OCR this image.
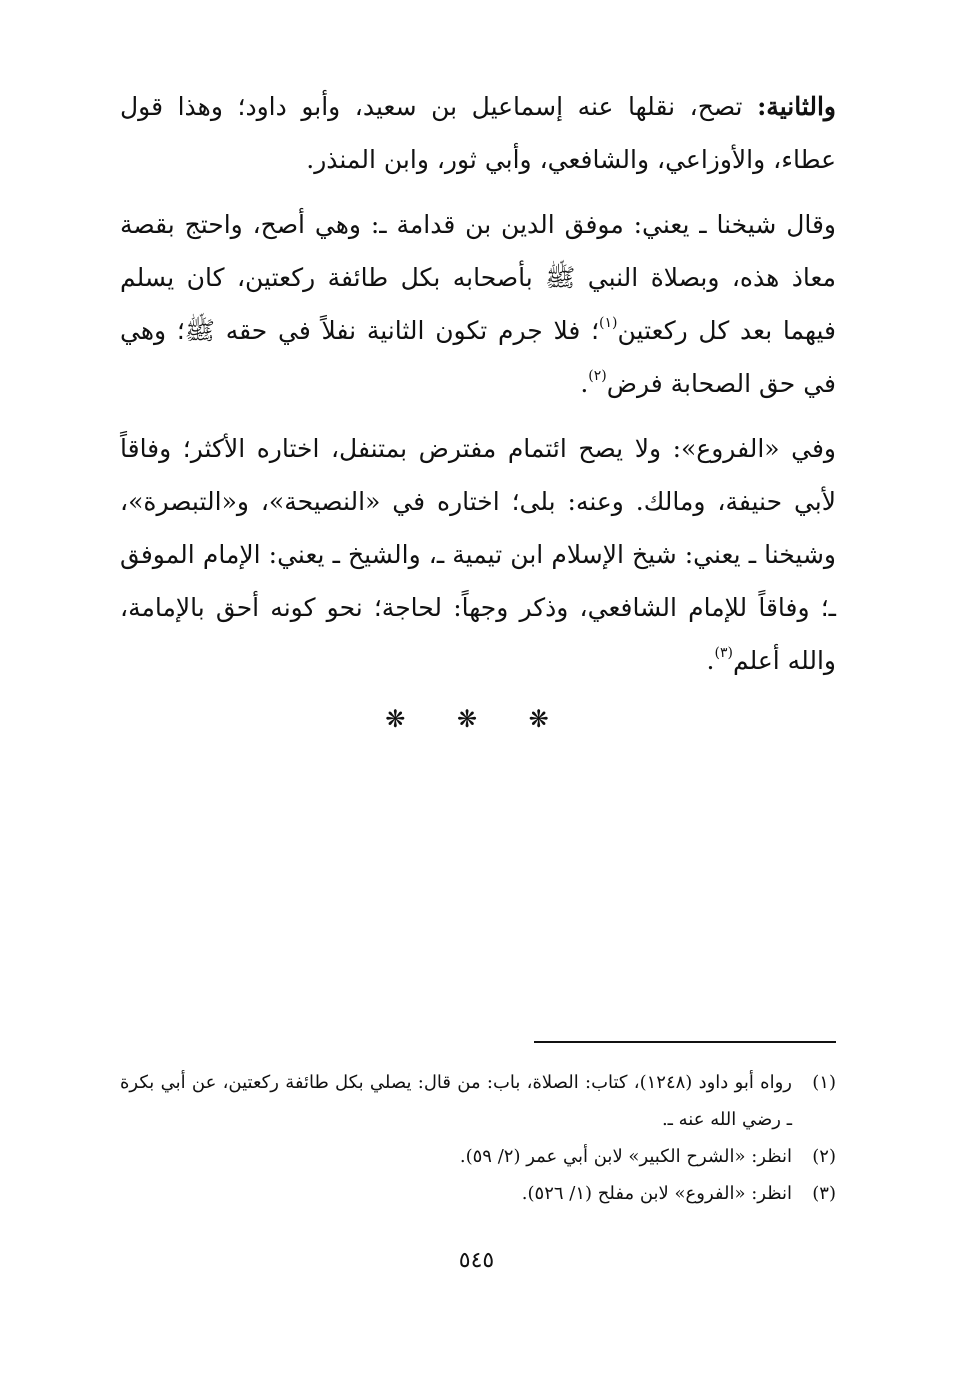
والثانية: تصح، نقلها عنه إسماعيل بن سعيد، وأبو داود؛ وهذا قول عطاء، والأوزاعي، والشافعي، وأبي ثور، وابن المنذر.

وقال شيخنا ـ يعني: موفق الدين بن قدامة ـ: وهي أصح، واحتج بقصة معاذ هذه، وبصلاة النبي ﷺ بأصحابه بكل طائفة ركعتين، كان يسلم فيهما بعد كل ركعتين$^{(١)}$؛ فلا جرم تكون الثانية نفلاً في حقه ﷺ؛ وهي في حق الصحابة فرض$^{(٢)}$.

وفي «الفروع»: ولا يصح ائتمام مفترض بمتنفل، اختاره الأكثر؛ وفاقاً لأبي حنيفة، ومالك. وعنه: بلى؛ اختاره في «النصيحة»، و«التبصرة»، وشيخنا ـ يعني: شيخ الإسلام ابن تيمية ـ، والشيخ ـ يعني: الإمام الموفق ـ؛ وفاقاً للإمام الشافعي، وذكر وجهاً: لحاجة؛ نحو كونه أحق بالإمامة، والله أعلم$^{(٣)}$.

❋ ❋ ❋
(١)
رواه أبو داود (١٢٤٨)، كتاب: الصلاة، باب: من قال: يصلي بكل طائفة ركعتين، عن أبي بكرة ـ رضي الله عنه ـ.
(٢)
انظر: «الشرح الكبير» لابن أبي عمر (٢/ ٥٩).
(٣)
انظر: «الفروع» لابن مفلح (١/ ٥٢٦).
٥٤٥
